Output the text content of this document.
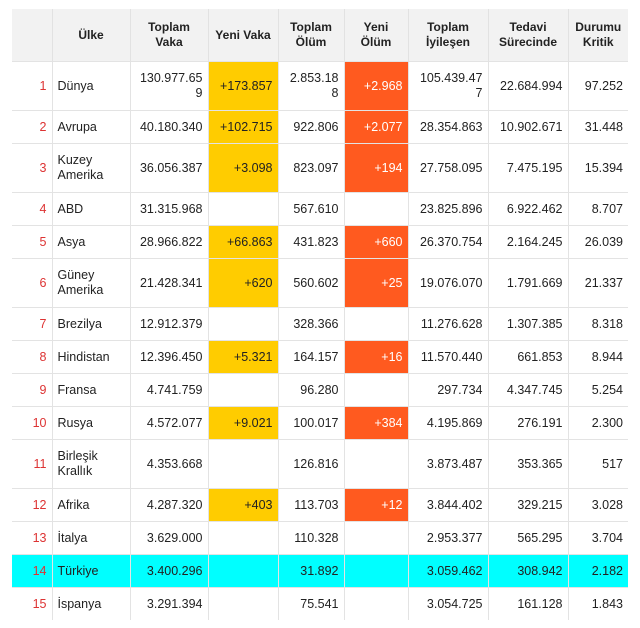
	Ülke	Toplam Vaka	Yeni Vaka	Toplam Ölüm	Yeni Ölüm	Toplam İyileşen	Tedavi Sürecinde	Durumu Kritik
1	Dünya	130.977.659	+173.857	2.853.188	+2.968	105.439.477	22.684.994	97.252
2	Avrupa	40.180.340	+102.715	922.806	+2.077	28.354.863	10.902.671	31.448
3	Kuzey Amerika	36.056.387	+3.098	823.097	+194	27.758.095	7.475.195	15.394
4	ABD	31.315.968		567.610		23.825.896	6.922.462	8.707
5	Asya	28.966.822	+66.863	431.823	+660	26.370.754	2.164.245	26.039
6	Güney Amerika	21.428.341	+620	560.602	+25	19.076.070	1.791.669	21.337
7	Brezilya	12.912.379		328.366		11.276.628	1.307.385	8.318
8	Hindistan	12.396.450	+5.321	164.157	+16	11.570.440	661.853	8.944
9	Fransa	4.741.759		96.280		297.734	4.347.745	5.254
10	Rusya	4.572.077	+9.021	100.017	+384	4.195.869	276.191	2.300
11	Birleşik Krallık	4.353.668		126.816		3.873.487	353.365	517
12	Afrika	4.287.320	+403	113.703	+12	3.844.402	329.215	3.028
13	İtalya	3.629.000		110.328		2.953.377	565.295	3.704
14	Türkiye	3.400.296		31.892		3.059.462	308.942	2.182
15	İspanya	3.291.394		75.541		3.054.725	161.128	1.843
